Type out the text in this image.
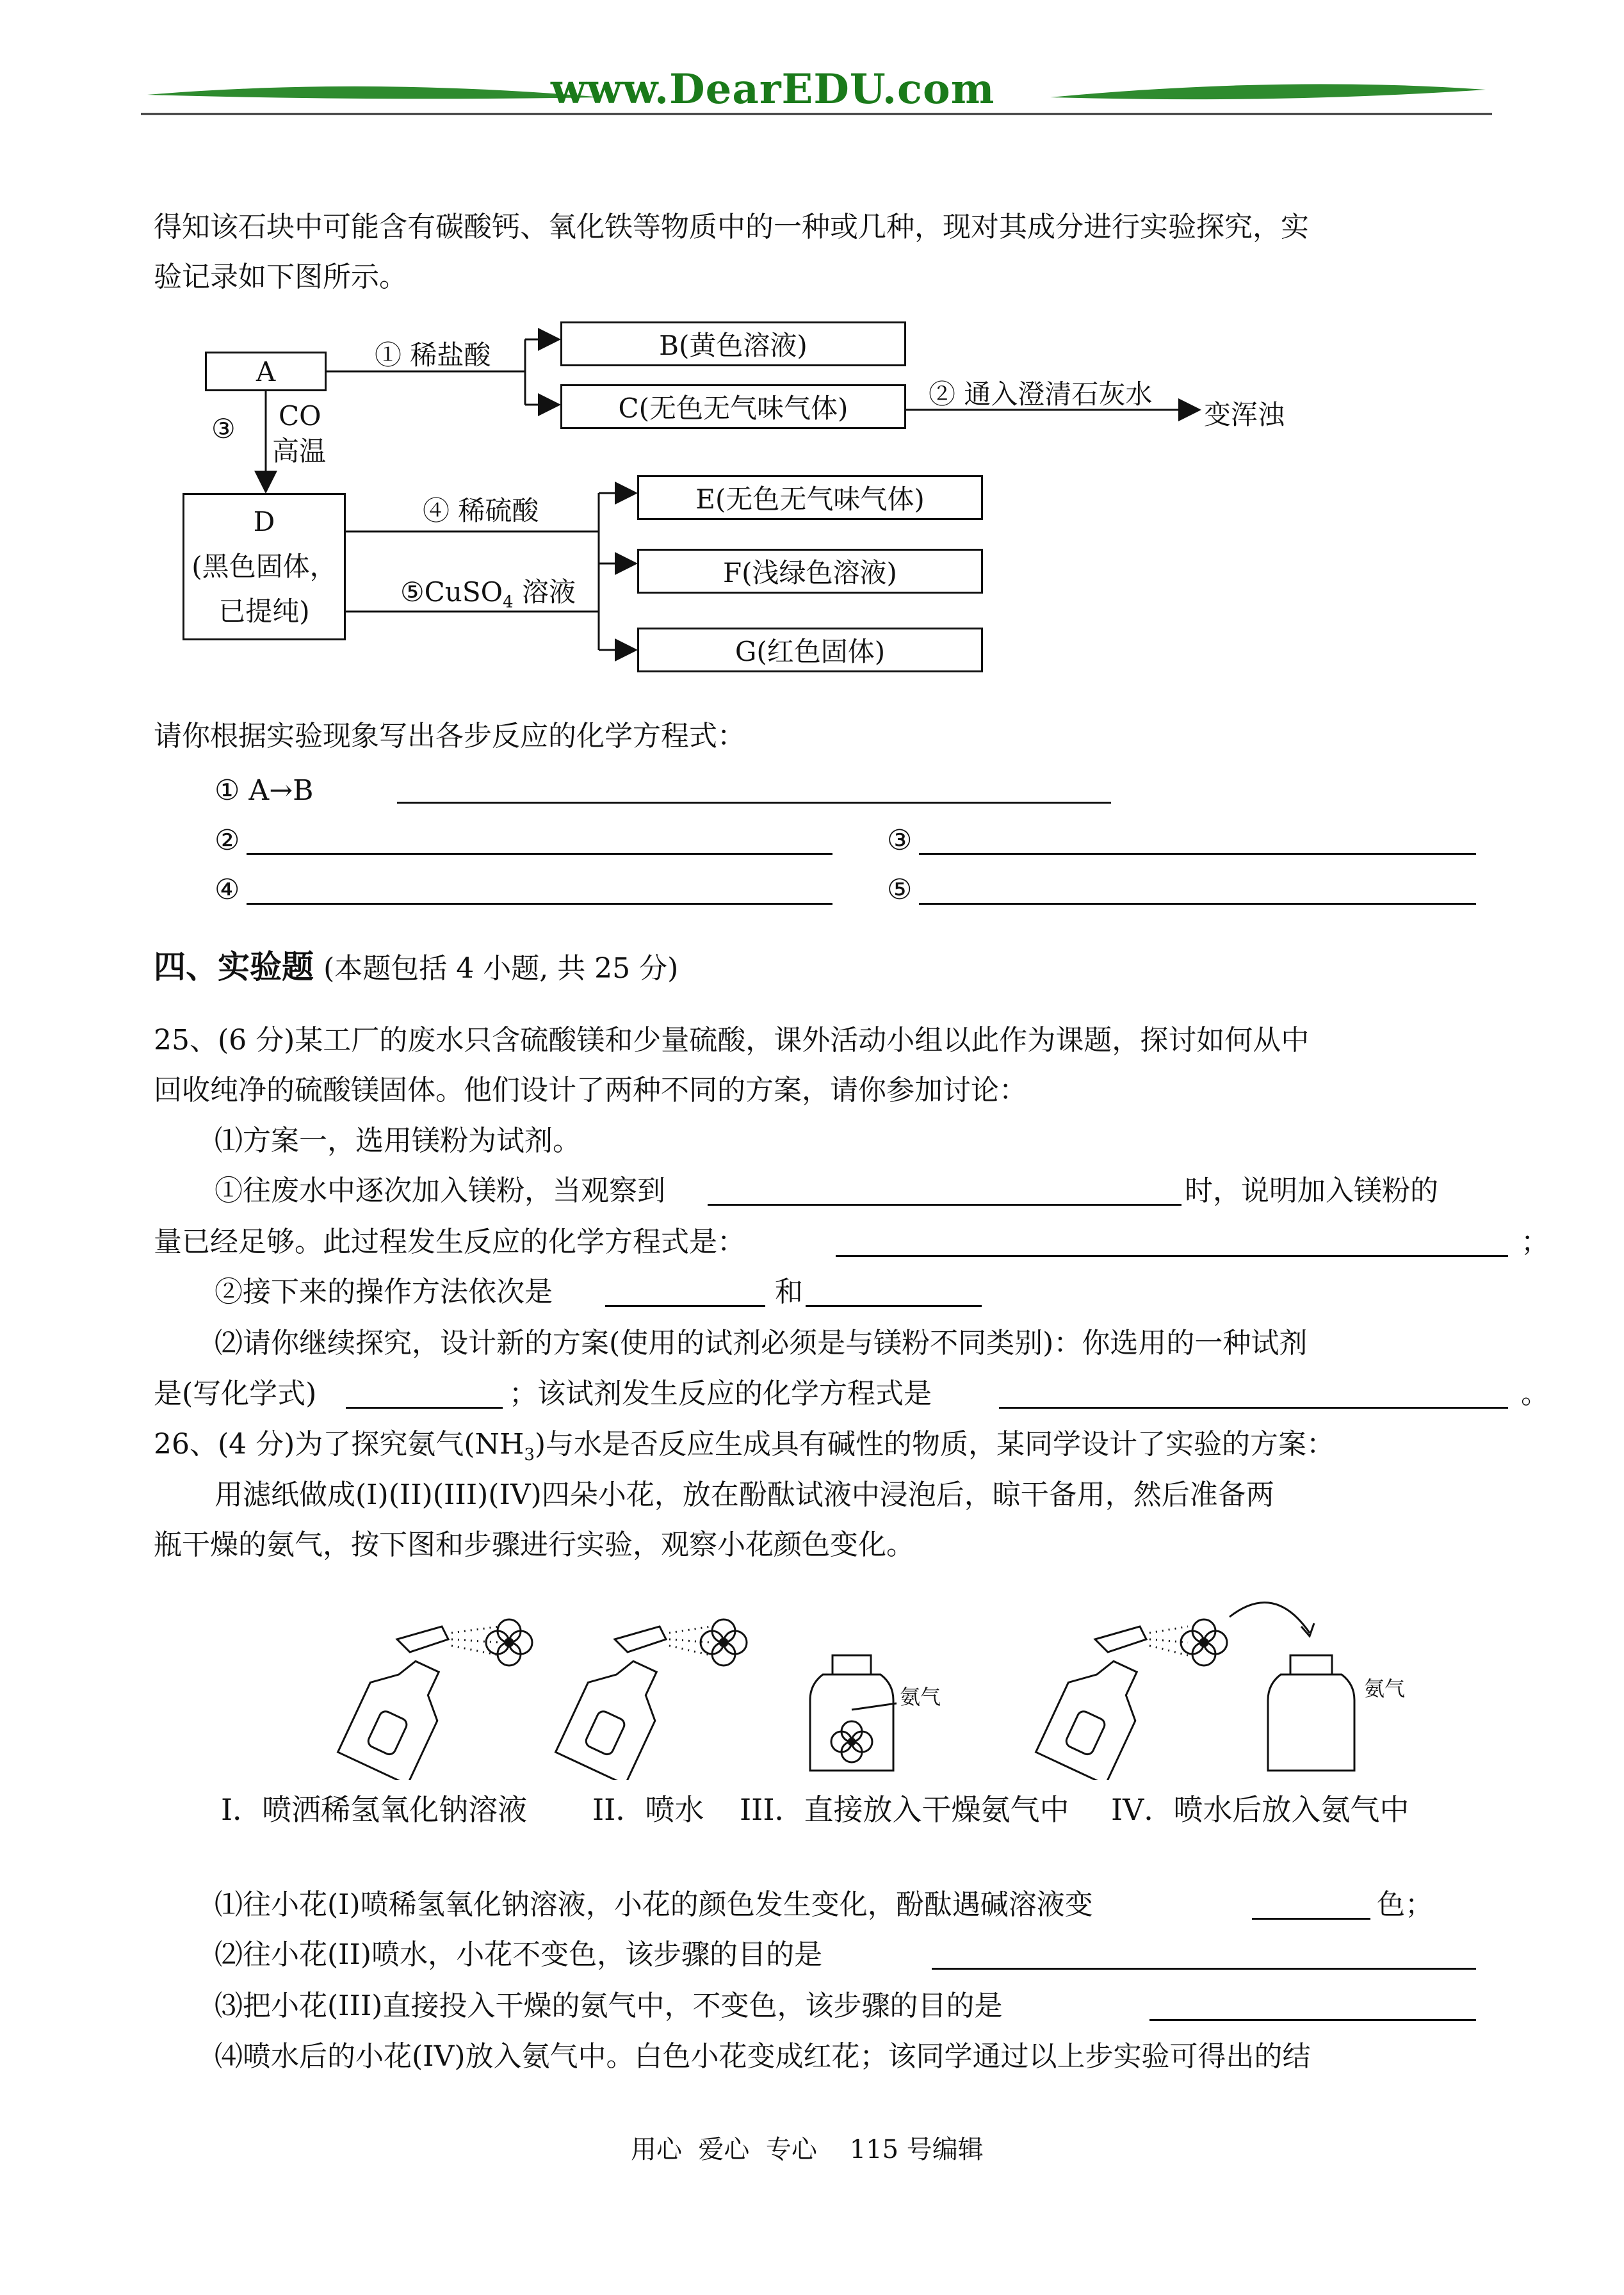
www.DearEDU.com
得知该石块中可能含有碳酸钙、氧化铁等物质中的一种或几种，现对其成分进行实验探究，实
验记录如下图所示。
A
B(黄色溶液)
C(无色无气味气体)
D
(黑色固体，
已提纯)
E(无色无气味气体)
F(浅绿色溶液)
G(红色固体)
① 稀盐酸
② 通入澄清石灰水
变浑浊
③ CO
高温
④ 稀硫酸
⑤CuSO$_4$ 溶液
请你根据实验现象写出各步反应的化学方程式：
① A→B
②	③
④	⑤
四、实验题 (本题包括 4 小题, 共 25 分)
25、(6 分)某工厂的废水只含硫酸镁和少量硫酸，课外活动小组以此作为课题，探讨如何从中
回收纯净的硫酸镁固体。他们设计了两种不同的方案，请你参加讨论：
⑴方案一，选用镁粉为试剂。
①往废水中逐次加入镁粉，当观察到	时，说明加入镁粉的
量已经足够。此过程发生反应的化学方程式是：	；
②接下来的操作方法依次是	和
⑵请你继续探究，设计新的方案(使用的试剂必须是与镁粉不同类别)：你选用的一种试剂
是(写化学式)	；该试剂发生反应的化学方程式是	。
26、(4 分)为了探究氨气$(NH_3)$与水是否反应生成具有碱性的物质，某同学设计了实验的方案：
用滤纸做成(I)(II)(III)(IV)四朵小花，放在酚酞试液中浸泡后，晾干备用，然后准备两
瓶干燥的氨气，按下图和步骤进行实验，观察小花颜色变化。
氨气	氨气
I．喷洒稀氢氧化钠溶液 II．喷水 III．直接放入干燥氨气中 IV．喷水后放入氨气中
⑴往小花(I)喷稀氢氧化钠溶液，小花的颜色发生变化，酚酞遇碱溶液变	色；
⑵往小花(II)喷水，小花不变色，该步骤的目的是
⑶把小花(III)直接投入干燥的氨气中，不变色，该步骤的目的是
⑷喷水后的小花(IV)放入氨气中。白色小花变成红花；该同学通过以上步实验可得出的结
用心  爱心  专心    115 号编辑
